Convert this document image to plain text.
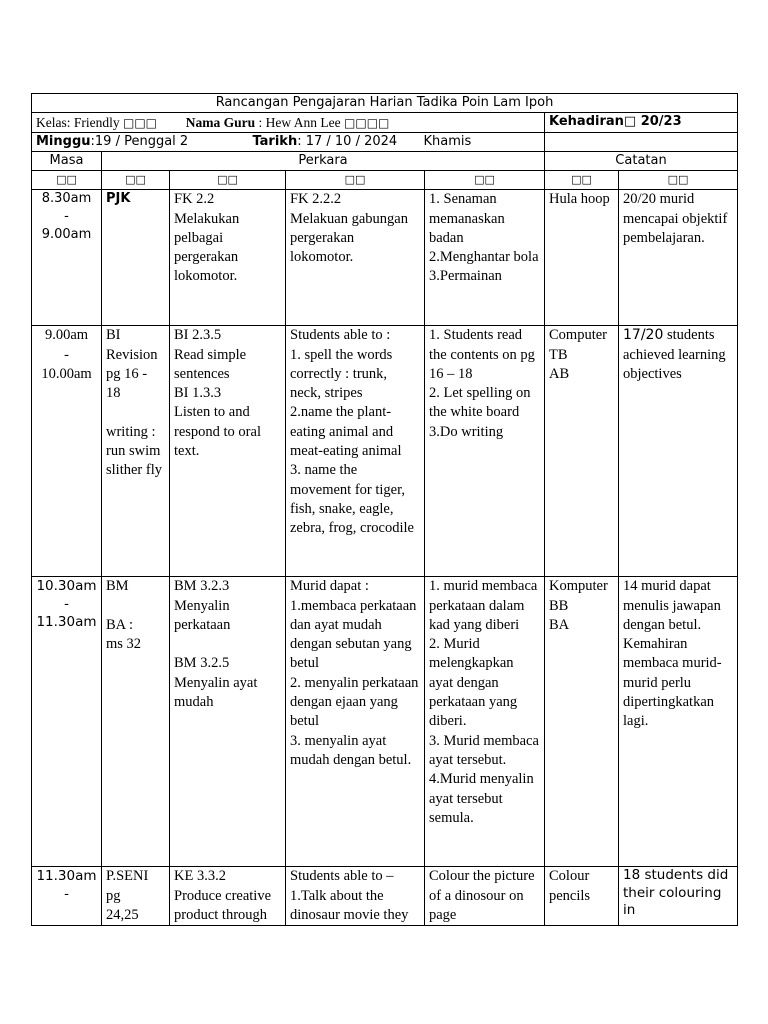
Rancangan Pengajaran Harian Tadika Poin Lam Ipoh						
Kelas: Friendly □□□ Nama Guru : Hew Ann Lee □□□□					Kehadiran□ 20/23	
Minggu:19 / Penggal 2 Tarikh: 17 / 10 / 2024 Khamis						
Masa	Perkara				Catatan	
□□	□□	□□	□□	□□	□□	□□
8.30am
-
9.00am	PJK	FK 2.2
Melakukan pelbagai pergerakan lokomotor.	FK 2.2.2
Melakuan gabungan pergerakan lokomotor.	1. Senaman memanaskan badan
2.Menghantar bola
3.Permainan	Hula hoop	20/20 murid mencapai objektif pembelajaran.
9.00am
-
10.00am	BI Revision pg 16 - 18

writing : run swim slither fly	BI 2.3.5
Read simple sentences
BI 1.3.3
Listen to and respond to oral text.	Students able to :
1. spell the words correctly : trunk, neck, stripes
2.name the plant-eating animal and meat-eating animal
3. name the movement for tiger, fish, snake, eagle, zebra, frog, crocodile	1. Students read the contents on pg 16 – 18
2. Let spelling on the white board
3.Do writing	Computer
TB
AB	17/20 students achieved learning objectives
10.30am
-
11.30am	BM

BA :
ms 32	BM 3.2.3
Menyalin perkataan

BM 3.2.5
Menyalin ayat mudah	Murid dapat :
1.membaca perkataan dan ayat mudah dengan sebutan yang betul
2. menyalin perkataan dengan ejaan yang betul
3. menyalin ayat mudah dengan betul.	1. murid membaca perkataan dalam kad yang diberi
2. Murid melengkapkan ayat dengan perkataan yang diberi.
3. Murid membaca ayat tersebut.
4.Murid menyalin ayat tersebut semula.	Komputer
BB
BA	14 murid dapat menulis jawapan dengan betul. Kemahiran membaca murid-murid perlu dipertingkatkan lagi.
11.30am
-	P.SENI
pg
24,25	KE 3.3.2
Produce creative product through	Students able to –
1.Talk about the dinosaur movie they	Colour the picture of a dinosour on page	Colour pencils	18 students did their colouring in
